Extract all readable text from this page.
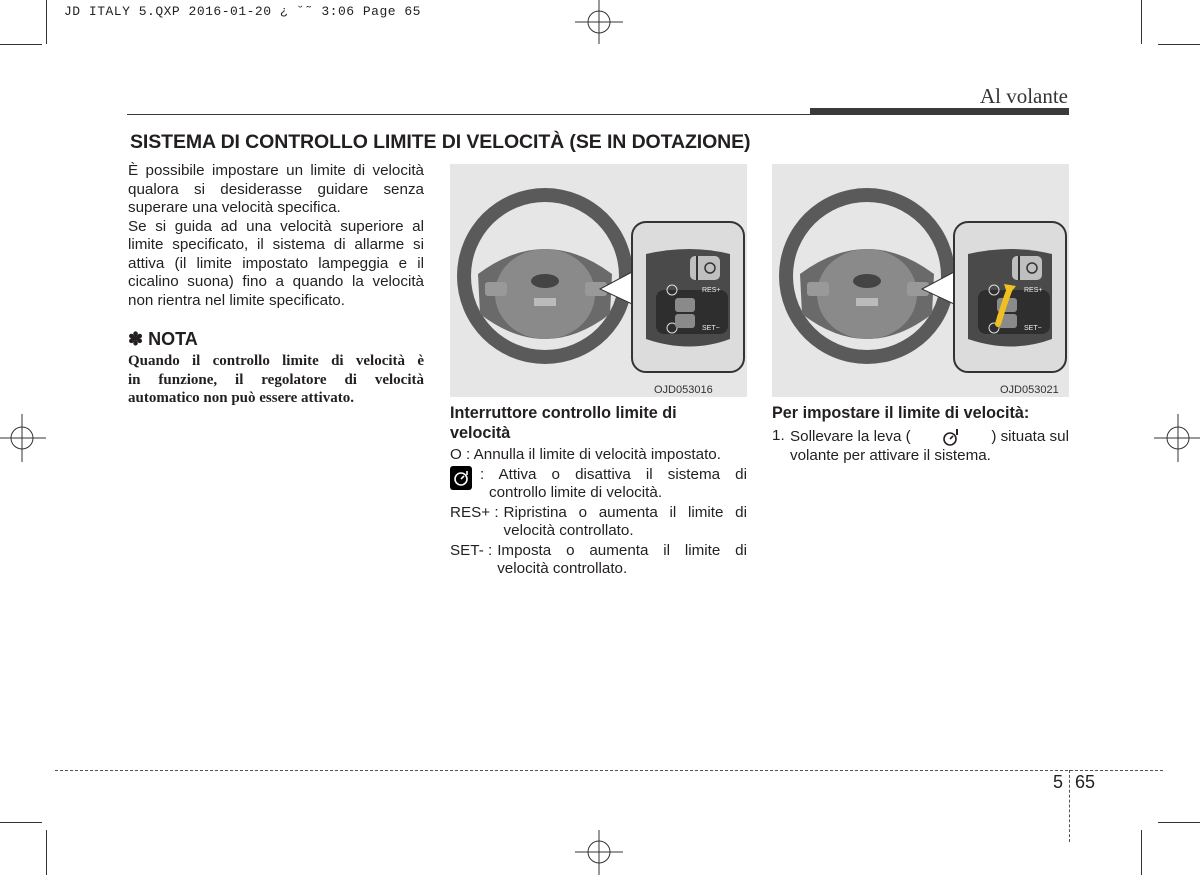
JD ITALY 5.QXP 2016-01-20 ¿ ˘˜ 3:06 Page 65
Al volante
SISTEMA DI CONTROLLO LIMITE DI VELOCITÀ (SE IN DOTAZIONE)
È possibile impostare un limite di velocità
qualora si desiderasse guidare senza
superare una velocità specifica.
Se si guida ad una velocità superiore al
limite specificato, il sistema di allarme si
attiva (il limite impostato lampeggia e il
cicalino suona) fino a quando la velocità
non rientra nel limite specificato.
✽ NOTA
Quando il controllo limite di velocità è
in funzione, il regolatore di velocità
automatico non può essere attivato.
RES+
SET−
OJD053016
RES+
SET−
OJD053021
Interruttore controllo limite di
velocità
O : Annulla il limite di velocità impostato.
: Attiva o disattiva il sistema di
controllo limite di velocità.
RES+ : Ripristina o aumenta il limite di
velocità controllato.
SET- : Imposta o aumenta il limite di
velocità controllato.
Per impostare il limite di velocità:
1. Sollevare la leva (	) situata sul
volante per attivare il sistema.
5 65
